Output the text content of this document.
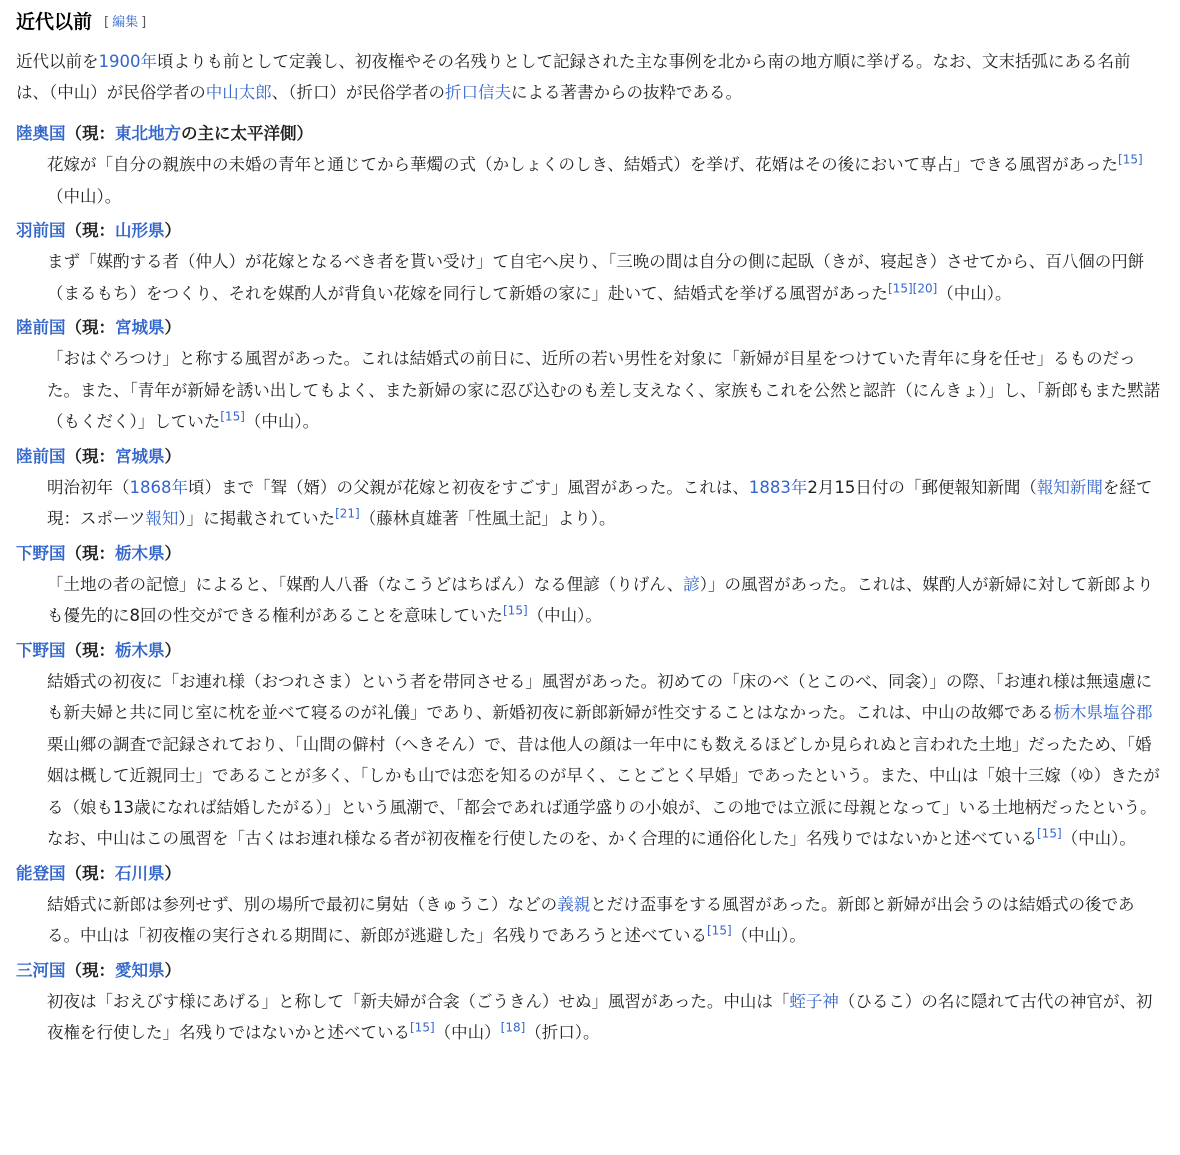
近代以前 [ 編集 ]

近代以前を1900年頃よりも前として定義し、初夜権やその名残りとして記録された主な事例を北から南の地方順に挙げる。なお、文末括弧にある名前は、（中山）が民俗学者の中山太郎、（折口）が民俗学者の折口信夫による著書からの抜粋である。

陸奥国（現：東北地方の主に太平洋側）
花嫁が「自分の親族中の未婚の青年と通じてから華燭の式（かしょくのしき、結婚式）を挙げ、花婿はその後において専占」できる風習があった[15]（中山）。
羽前国（現：山形県）
まず「媒酌する者（仲人）が花嫁となるべき者を貰い受け」て自宅へ戻り、「三晩の間は自分の側に起臥（きが、寝起き）させてから、百八個の円餅（まるもち）をつくり、それを媒酌人が背負い花嫁を同行して新婚の家に」赴いて、結婚式を挙げる風習があった[15][20]（中山）。
陸前国（現：宮城県）
「おはぐろつけ」と称する風習があった。これは結婚式の前日に、近所の若い男性を対象に「新婦が目星をつけていた青年に身を任せ」るものだった。また、「青年が新婦を誘い出してもよく、また新婦の家に忍び込むのも差し支えなく、家族もこれを公然と認許（にんきょ）」し、「新郎もまた黙諾（もくだく）」していた[15]（中山）。
陸前国（現：宮城県）
明治初年（1868年頃）まで「聟（婿）の父親が花嫁と初夜をすごす」風習があった。これは、1883年2月15日付の「郵便報知新聞（報知新聞を経て現：スポーツ報知）」に掲載されていた[21]（藤林貞雄著「性風土記」より）。
下野国（現：栃木県）
「土地の者の記憶」によると、「媒酌人八番（なこうどはちばん）なる俚諺（りげん、諺）」の風習があった。これは、媒酌人が新婦に対して新郎よりも優先的に8回の性交ができる権利があることを意味していた[15]（中山）。
下野国（現：栃木県）
結婚式の初夜に「お連れ様（おつれさま）という者を帯同させる」風習があった。初めての「床のべ（とこのべ、同衾）」の際、「お連れ様は無遠慮にも新夫婦と共に同じ室に枕を並べて寝るのが礼儀」であり、新婚初夜に新郎新婦が性交することはなかった。これは、中山の故郷である栃木県塩谷郡栗山郷の調査で記録されており、「山間の僻村（へきそん）で、昔は他人の顔は一年中にも数えるほどしか見られぬと言われた土地」だったため、「婚姻は概して近親同士」であることが多く、「しかも山では恋を知るのが早く、ことごとく早婚」であったという。また、中山は「娘十三嫁（ゆ）きたがる（娘も13歳になれば結婚したがる）」という風潮で、「都会であれば通学盛りの小娘が、この地では立派に母親となって」いる土地柄だったという。なお、中山はこの風習を「古くはお連れ様なる者が初夜権を行使したのを、かく合理的に通俗化した」名残りではないかと述べている[15]（中山）。
能登国（現：石川県）
結婚式に新郎は参列せず、別の場所で最初に舅姑（きゅうこ）などの義親とだけ盃事をする風習があった。新郎と新婦が出会うのは結婚式の後である。中山は「初夜権の実行される期間に、新郎が逃避した」名残りであろうと述べている[15]（中山）。
三河国（現：愛知県）
初夜は「おえびす様にあげる」と称して「新夫婦が合衾（ごうきん）せぬ」風習があった。中山は「蛭子神（ひるこ）の名に隠れて古代の神官が、初夜権を行使した」名残りではないかと述べている[15]（中山）[18]（折口）。
